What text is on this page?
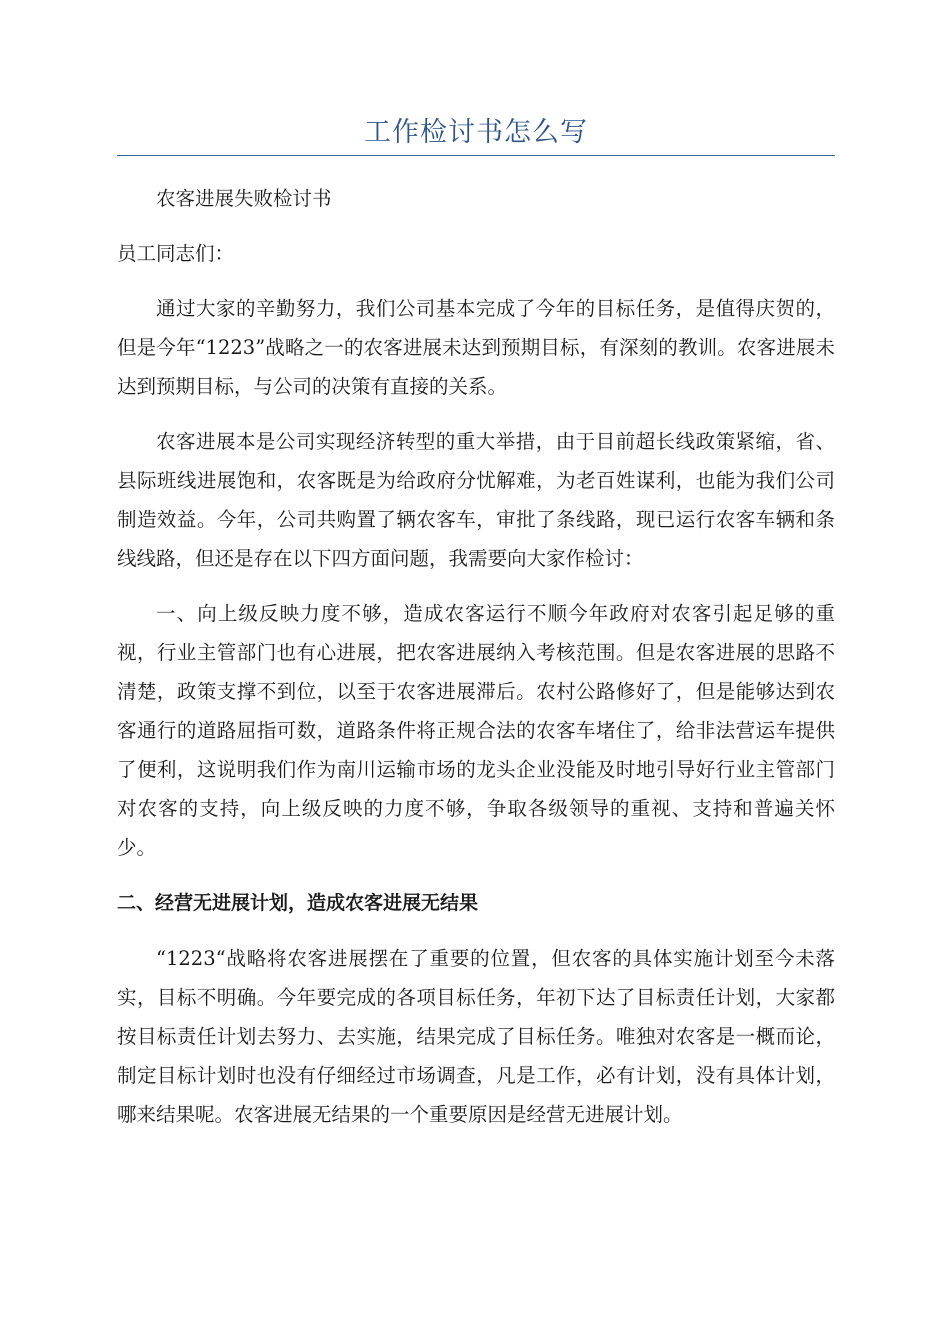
工作检讨书怎么写

农客进展失败检讨书

员工同志们：

通过大家的辛勤努力，我们公司基本完成了今年的目标任务，是值得庆贺的，但是今年“1223”战略之一的农客进展未达到预期目标，有深刻的教训。农客进展未达到预期目标，与公司的决策有直接的关系。

农客进展本是公司实现经济转型的重大举措，由于目前超长线政策紧缩，省、县际班线进展饱和，农客既是为给政府分忧解难，为老百姓谋利，也能为我们公司制造效益。今年，公司共购置了辆农客车，审批了条线路，现已运行农客车辆和条线线路，但还是存在以下四方面问题，我需要向大家作检讨：

一、向上级反映力度不够，造成农客运行不顺今年政府对农客引起足够的重视，行业主管部门也有心进展，把农客进展纳入考核范围。但是农客进展的思路不清楚，政策支撑不到位，以至于农客进展滞后。农村公路修好了，但是能够达到农客通行的道路屈指可数，道路条件将正规合法的农客车堵住了，给非法营运车提供了便利，这说明我们作为南川运输市场的龙头企业没能及时地引导好行业主管部门对农客的支持，向上级反映的力度不够，争取各级领导的重视、支持和普遍关怀少。

二、经营无进展计划，造成农客进展无结果

“1223“战略将农客进展摆在了重要的位置，但农客的具体实施计划至今未落实，目标不明确。今年要完成的各项目标任务，年初下达了目标责任计划，大家都按目标责任计划去努力、去实施，结果完成了目标任务。唯独对农客是一概而论，制定目标计划时也没有仔细经过市场调查，凡是工作，必有计划，没有具体计划，哪来结果呢。农客进展无结果的一个重要原因是经营无进展计划。
